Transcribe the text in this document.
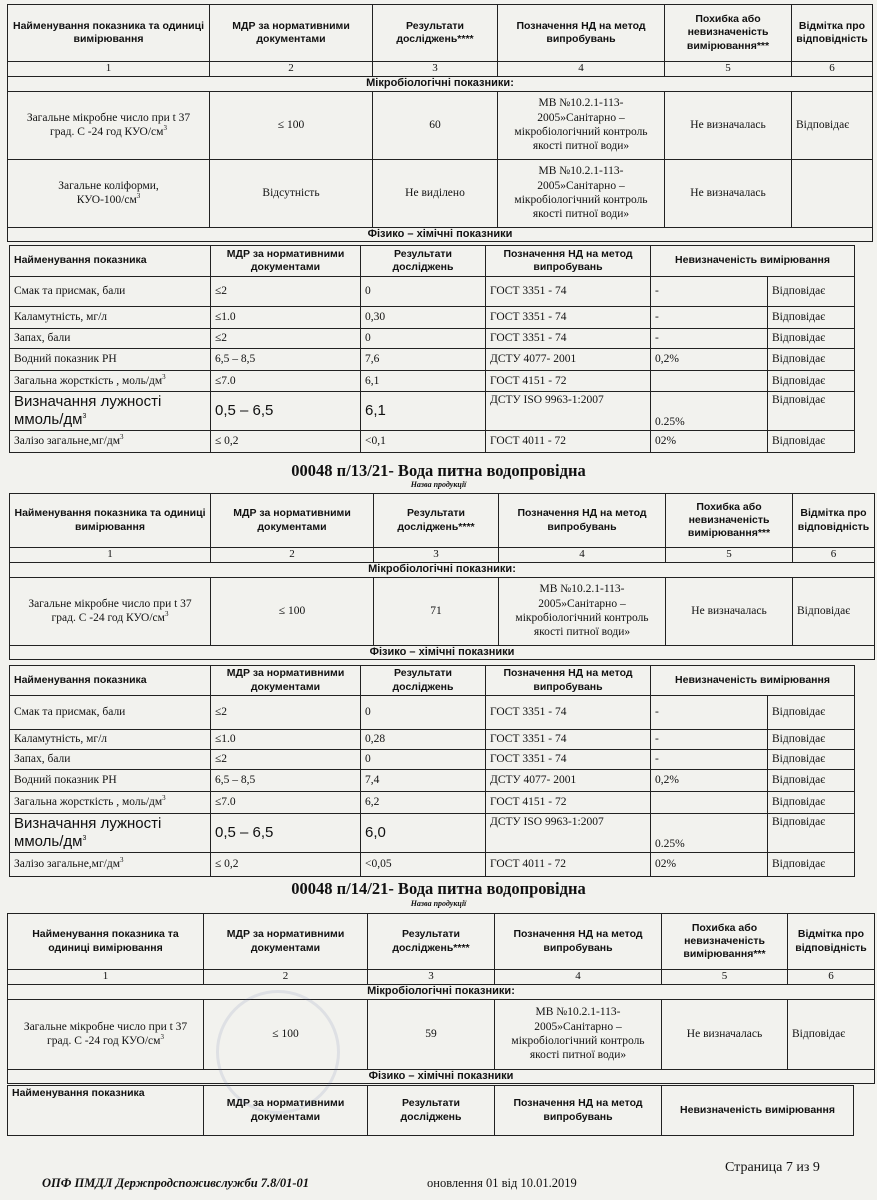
Найменування показника та одиниці вимірювання	МДР за нормативними документами	Результати досліджень****	Позначення НД на метод випробувань	Похибка або невизначеність вимірювання***	Відмітка про відповідність
1	2	3	4	5	6
Мікробіологічні показники:					
Загальне мікробне число при t 37
град. С -24 год КУО/$см^3$	≤ 100	60	МВ №10.2.1-113-2005»Санітарно – мікробіологічний контроль якості питної води»	Не визначалась	Відповідає
Загальне коліформи,
КУО-$100/см^3$	Відсутність	Не виділено	МВ №10.2.1-113-2005»Санітарно – мікробіологічний контроль якості питної води»	Не визначалась	
Фізико – хімічні показники					
Найменування показника	МДР за нормативними документами	Результати досліджень	Позначення НД на метод випробувань	Невизначеність вимірювання	
Смак та присмак, бали	≤2	0	ГОСТ 3351 - 74	-	Відповідає
Каламутність, мг/л	≤1.0	0,30	ГОСТ 3351 - 74	-	Відповідає
Запах, бали	≤2	0	ГОСТ 3351 - 74	-	Відповідає
Водний показник PH	6,5 – 8,5	7,6	ДСТУ 4077- 2001	0,2%	Відповідає
Загальна жорсткість , моль/$дм^3$	≤7.0	6,1	ГОСТ 4151 - 72		Відповідає
Визначання лужності
ммоль/$дм^3$	0,5 – 6,5	6,1	ДСТУ ISO 9963-1:2007	0.25%	Відповідає
Залізо $загальне,мг/дм^3$	≤ 0,2	<0,1	ГОСТ 4011 - 72	02%	Відповідає
00048 п/13/21- Вода питна водопровідна
Назва продукції
Найменування показника та одиниці вимірювання	МДР за нормативними документами	Результати досліджень****	Позначення НД на метод випробувань	Похибка або невизначеність вимірювання***	Відмітка про відповідність
1	2	3	4	5	6
Мікробіологічні показники:					
Загальне мікробне число при t 37
град. С -24 год КУО/$см^3$	≤ 100	71	МВ №10.2.1-113-2005»Санітарно – мікробіологічний контроль якості питної води»	Не визначалась	Відповідає
Фізико – хімічні показники					
Найменування показника	МДР за нормативними документами	Результати досліджень	Позначення НД на метод випробувань	Невизначеність вимірювання	
Смак та присмак, бали	≤2	0	ГОСТ 3351 - 74	-	Відповідає
Каламутність, мг/л	≤1.0	0,28	ГОСТ 3351 - 74	-	Відповідає
Запах, бали	≤2	0	ГОСТ 3351 - 74	-	Відповідає
Водний показник PH	6,5 – 8,5	7,4	ДСТУ 4077- 2001	0,2%	Відповідає
Загальна жорсткість , моль/$дм^3$	≤7.0	6,2	ГОСТ 4151 - 72		Відповідає
Визначання лужності
ммоль/$дм^3$	0,5 – 6,5	6,0	ДСТУ ISO 9963-1:2007	0.25%	Відповідає
Залізо $загальне,мг/дм^3$	≤ 0,2	<0,05	ГОСТ 4011 - 72	02%	Відповідає
00048 п/14/21- Вода питна водопровідна
Назва продукції
Найменування показника та одиниці вимірювання	МДР за нормативними документами	Результати досліджень****	Позначення НД на метод випробувань	Похибка або невизначеність вимірювання***	Відмітка про відповідність
1	2	3	4	5	6
Мікробіологічні показники:					
Загальне мікробне число при t 37
град. С -24 год КУО/$см^3$	≤ 100	59	МВ №10.2.1-113-2005»Санітарно – мікробіологічний контроль якості питної води»	Не визначалась	Відповідає
Фізико – хімічні показники					
Найменування показника	МДР за нормативними документами	Результати досліджень	Позначення НД на метод випробувань	Невизначеність вимірювання
Страница 7 из 9
ОПФ ПМДЛ Держпродспоживслужби 7.8/01-01	оновлення 01 від 10.01.2019
